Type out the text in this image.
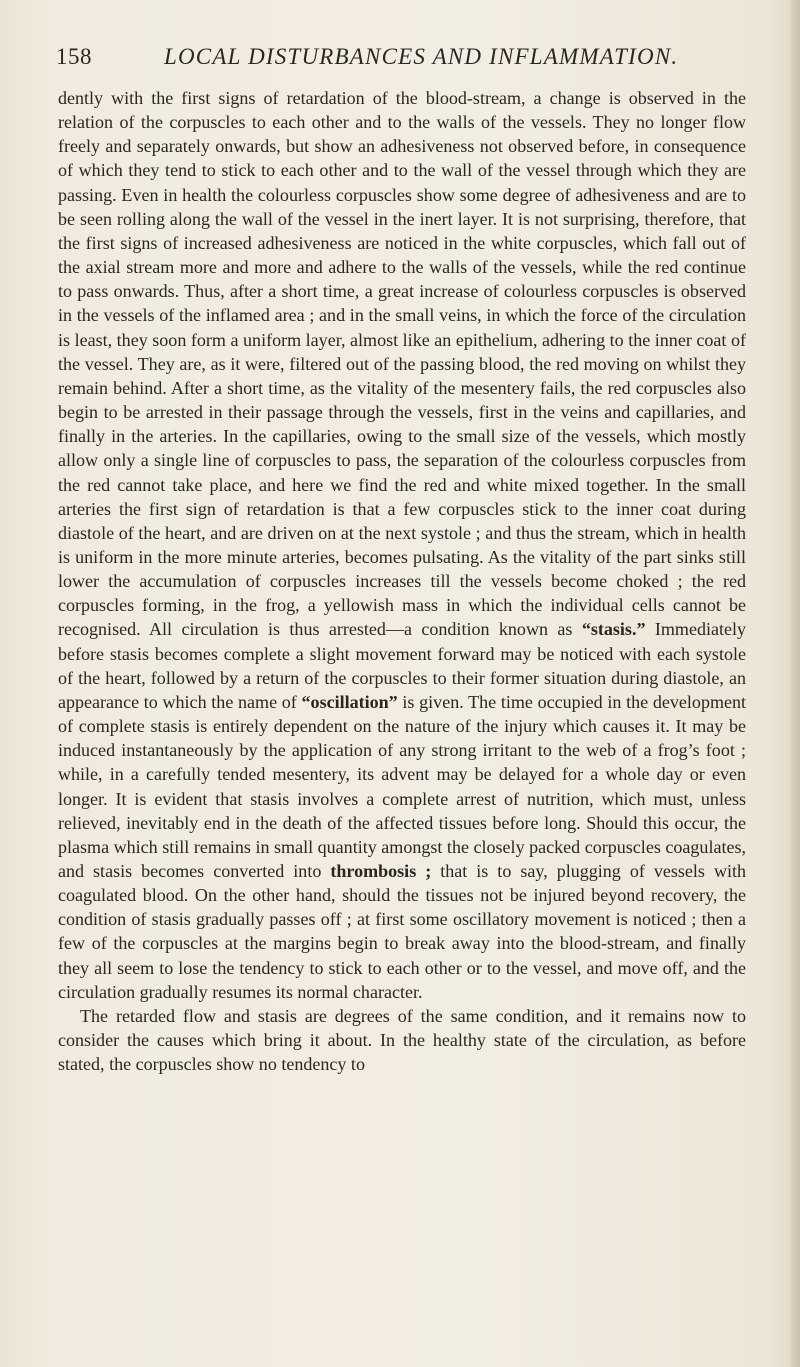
158	LOCAL DISTURBANCES AND INFLAMMATION.

dently with the first signs of retardation of the blood-stream, a change is observed in the relation of the corpuscles to each other and to the walls of the vessels. They no longer flow freely and separately onwards, but show an adhesiveness not observed before, in consequence of which they tend to stick to each other and to the wall of the vessel through which they are passing. Even in health the colourless corpuscles show some degree of adhesiveness and are to be seen rolling along the wall of the vessel in the inert layer. It is not surprising, therefore, that the first signs of increased adhesiveness are noticed in the white corpuscles, which fall out of the axial stream more and more and adhere to the walls of the vessels, while the red continue to pass onwards. Thus, after a short time, a great increase of colourless corpuscles is observed in the vessels of the inflamed area ; and in the small veins, in which the force of the circulation is least, they soon form a uniform layer, almost like an epithelium, adhering to the inner coat of the vessel. They are, as it were, filtered out of the passing blood, the red moving on whilst they remain behind. After a short time, as the vitality of the mesentery fails, the red corpuscles also begin to be arrested in their passage through the vessels, first in the veins and capillaries, and finally in the arteries. In the capillaries, owing to the small size of the vessels, which mostly allow only a single line of corpuscles to pass, the separation of the colourless corpuscles from the red cannot take place, and here we find the red and white mixed together. In the small arteries the first sign of retardation is that a few corpuscles stick to the inner coat during diastole of the heart, and are driven on at the next systole ; and thus the stream, which in health is uniform in the more minute arteries, becomes pulsating. As the vitality of the part sinks still lower the accumulation of corpuscles increases till the vessels become choked ; the red corpuscles forming, in the frog, a yellowish mass in which the individual cells cannot be recognised. All circulation is thus arrested—a condition known as “stasis.” Immediately before stasis becomes complete a slight movement forward may be noticed with each systole of the heart, followed by a return of the corpuscles to their former situation during diastole, an appearance to which the name of “oscillation” is given. The time occupied in the development of complete stasis is entirely dependent on the nature of the injury which causes it. It may be induced instantaneously by the application of any strong irritant to the web of a frog’s foot ; while, in a carefully tended mesentery, its advent may be delayed for a whole day or even longer. It is evident that stasis involves a complete arrest of nutrition, which must, unless relieved, inevitably end in the death of the affected tissues before long. Should this occur, the plasma which still remains in small quantity amongst the closely packed corpuscles coagulates, and stasis becomes converted into thrombosis ; that is to say, plugging of vessels with coagulated blood. On the other hand, should the tissues not be injured beyond recovery, the condition of stasis gradually passes off ; at first some oscillatory movement is noticed ; then a few of the corpuscles at the margins begin to break away into the blood-stream, and finally they all seem to lose the tendency to stick to each other or to the vessel, and move off, and the circulation gradually resumes its normal character.

The retarded flow and stasis are degrees of the same condition, and it remains now to consider the causes which bring it about. In the healthy state of the circulation, as before stated, the corpuscles show no tendency to
